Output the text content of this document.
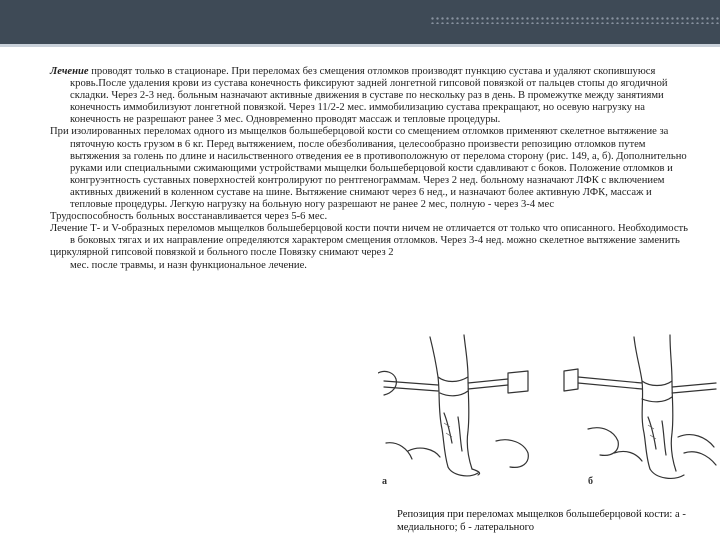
Лечение проводят только в стационаре. При переломах без смещения отломков производят пункцию сустава и удаляют скопившуюся кровь.После удаления крови из сустава конечность фиксируют задней лонгетной гипсовой повязкой от пальцев стопы до ягодичной складки. Через 2-3 нед. больным назначают активные движения в суставе по нескольку раз в день. В промежутке между занятиями конечность иммобилизуют лонгетной повязкой. Через 11/2-2 мес. иммобилизацию сустава прекращают, но осевую нагрузку на конечность не разрешают ранее 3 мес. Одновременно проводят массаж и тепловые процедуры.

При изолированных переломах одного из мыщелков большеберцовой кости со смещением отломков применяют скелетное вытяжение за пяточную кость грузом в 6 кг. Перед вытяжением, после обезболивания, целесообразно произвести репозицию отломков путем вытяжения за голень по длине и насильственного отведения ее в противоположную от перелома сторону (рис. 149, а, б). Дополнительно руками или специальными сжимающими устройствами мыщелки большеберцовой кости сдавливают с боков. Положение отломков и конгруэнтность суставных поверхностей контролируют по рентгенограммам. Через 2 нед. больному назначают ЛФК с включением активных движений в коленном суставе на шине. Вытяжение снимают через 6 нед., и назначают более активную ЛФК, массаж и тепловые процедуры. Легкую нагрузку на больную ногу разрешают не ранее 2 мес, полную - через 3-4 мес

Трудоспособность больных восстанавливается через 5-6 мес.

Лечение Т- и V-образных переломов мыщелков большеберцовой кости почти ничем не отличается от только что описанного. Необходимость в боковых тягах и их направление определяются характером смещения отломков. Через 3-4 нед. можно скелетное вытяжение заменить

циркулярной гипсовой повязкой и больного после Повязку снимают через 2 мес. после травмы, и назн функциональное лечение.

а	б
Репозиция при переломах мыщелков большеберцовой кости: а - медиального; б - латерального
